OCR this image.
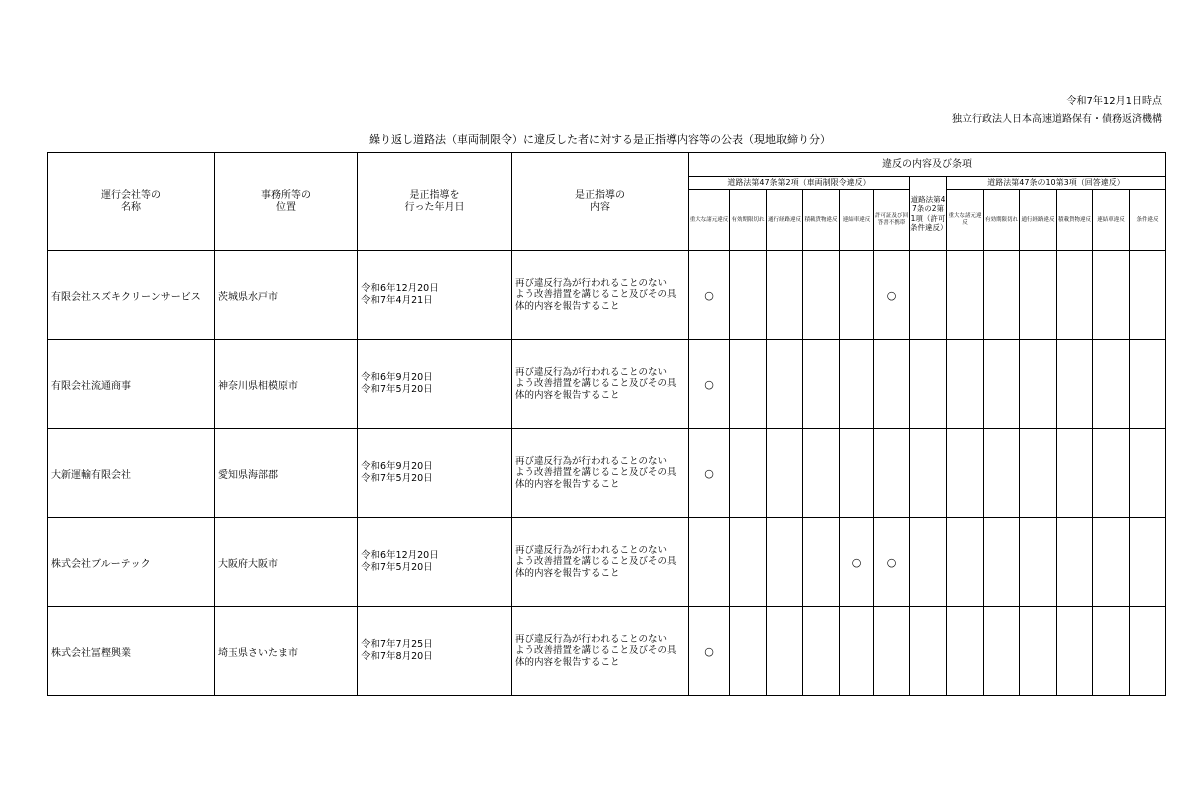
令和7年12月1日時点
独立行政法人日本高速道路保有・債務返済機構
繰り返し道路法（車両制限令）に違反した者に対する是正指導内容等の公表（現地取締り分）
運行会社等の
名称	事務所等の
位置	是正指導を
行った年月日	是正指導の
内容	違反の内容及び条項												
				道路法第47条第2項（車両制限令違反）						道路法第47条の2第1項（許可条件違反）	道路法第47条の10第3項（回答違反）					
				重大な諸元違反	有効期限切れ	通行経路違反	積載貨物違反	連結車違反	許可証及び回答書不携帯		重大な諸元違反	有効期限切れ	通行経路違反	積載貨物違反	連結車違反	条件違反
有限会社スズキクリーンサービス	茨城県水戸市	令和6年12月20日
令和7年4月21日	再び違反行為が行われることのない
よう改善措置を講じること及びその具
体的内容を報告すること	○					○							
有限会社流通商事	神奈川県相模原市	令和6年9月20日
令和7年5月20日	再び違反行為が行われることのない
よう改善措置を講じること及びその具
体的内容を報告すること	○												
大新運輸有限会社	愛知県海部郡	令和6年9月20日
令和7年5月20日	再び違反行為が行われることのない
よう改善措置を講じること及びその具
体的内容を報告すること	○												
株式会社ブルーテック	大阪府大阪市	令和6年12月20日
令和7年5月20日	再び違反行為が行われることのない
よう改善措置を講じること及びその具
体的内容を報告すること					○	○							
株式会社冨樫興業	埼玉県さいたま市	令和7年7月25日
令和7年8月20日	再び違反行為が行われることのない
よう改善措置を講じること及びその具
体的内容を報告すること	○												
